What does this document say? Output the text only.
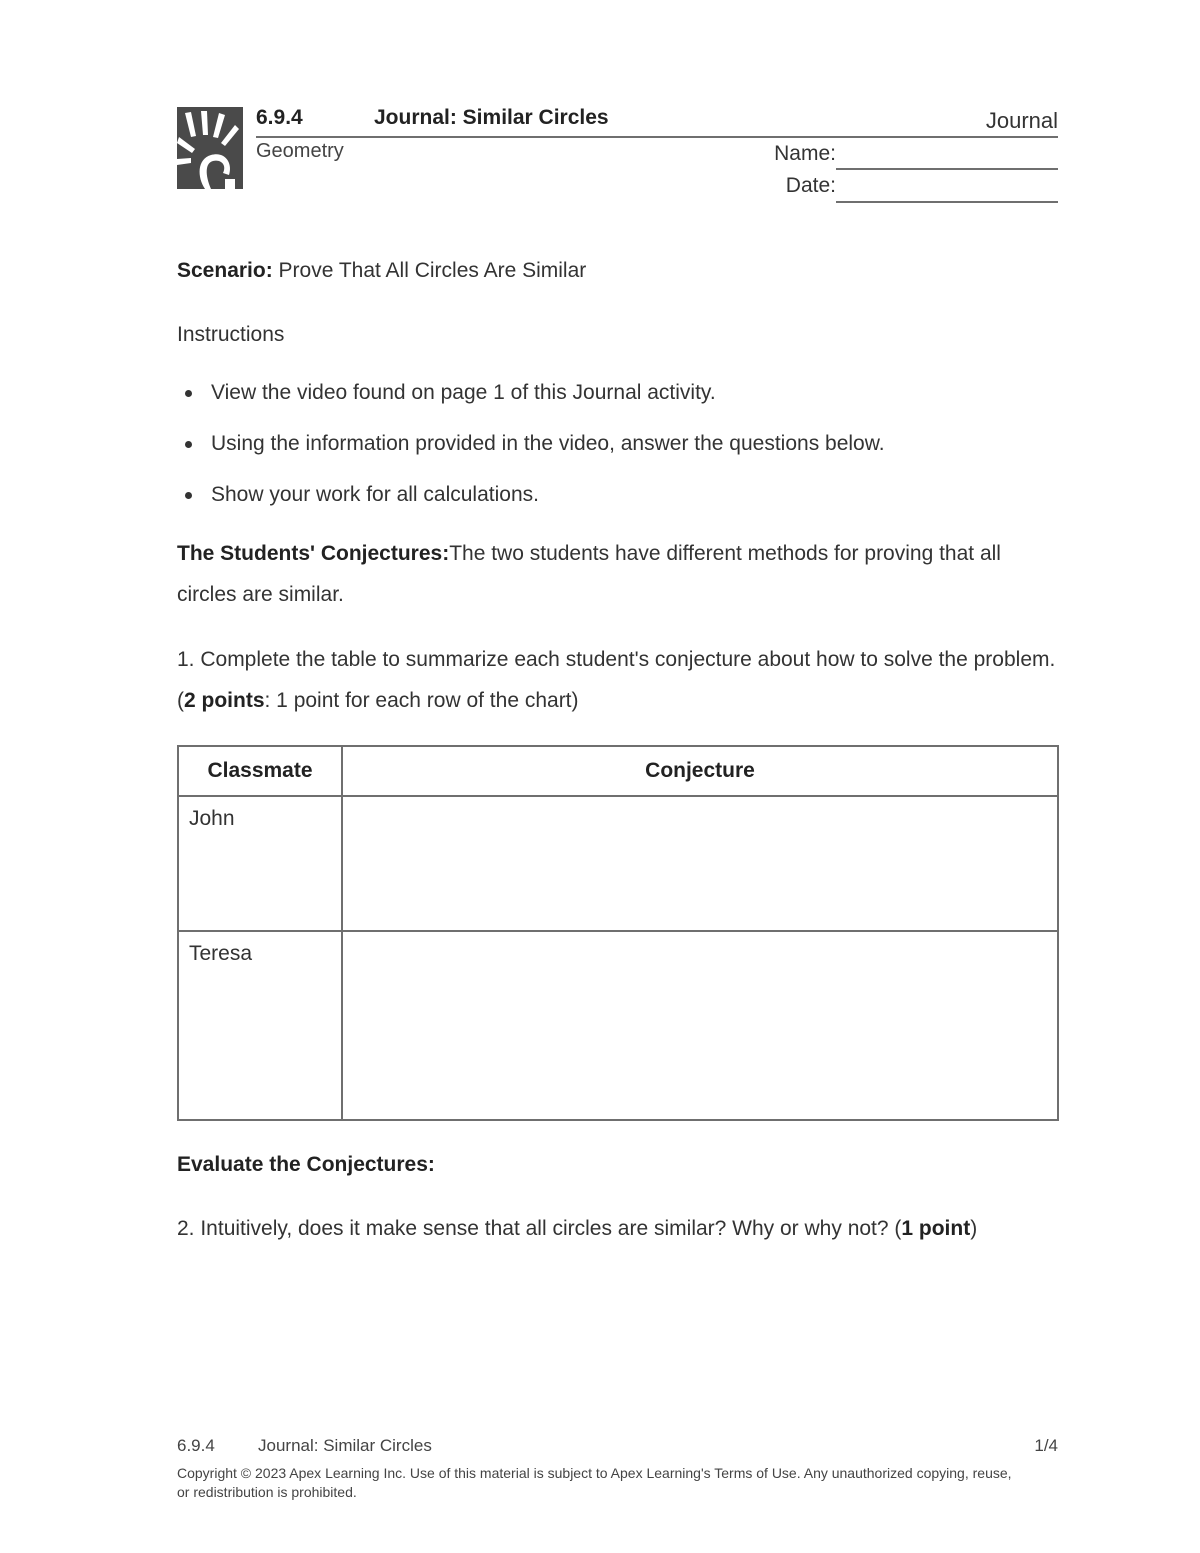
6.9.4	Journal: Similar Circles	Journal
Geometry	Name:
Date:
Scenario: Prove That All Circles Are Similar
Instructions
View the video found on page 1 of this Journal activity.
Using the information provided in the video, answer the questions below.
Show your work for all calculations.
The Students' Conjectures:The two students have different methods for proving that all circles are similar.
1. Complete the table to summarize each student's conjecture about how to solve the problem. (2 points: 1 point for each row of the chart)
Classmate	Conjecture
John	
Teresa	
Evaluate the Conjectures:
2. Intuitively, does it make sense that all circles are similar? Why or why not? (1 point)
6.9.4	Journal: Similar Circles	1/4
Copyright © 2023 Apex Learning Inc. Use of this material is subject to Apex Learning's Terms of Use. Any unauthorized copying, reuse, or redistribution is prohibited.
